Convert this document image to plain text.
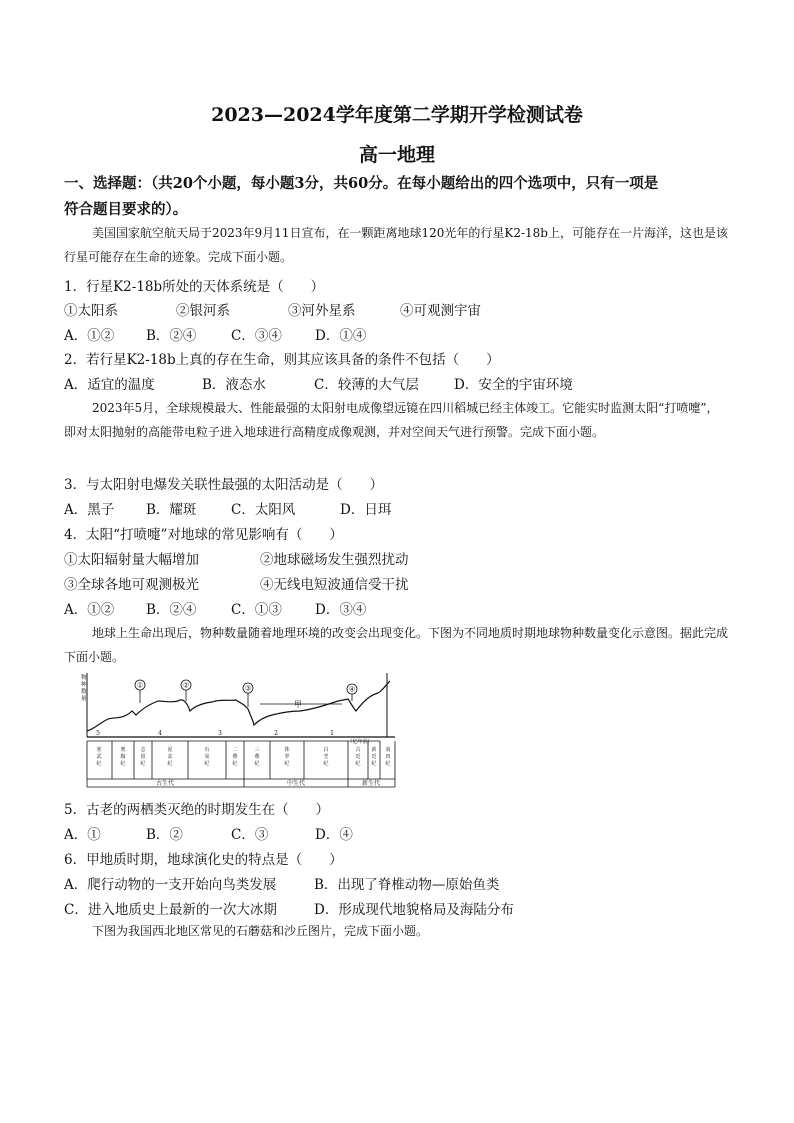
2023—2024学年度第二学期开学检测试卷
高一地理
一、选择题：（共20个小题，每小题3分，共60分。在每小题给出的四个选项中，只有一项是
符合题目要求的）。
美国国家航空航天局于2023年9月11日宣布，在一颗距离地球120光年的行星K2-18b上，可能存在一片海洋，这也是该行星可能存在生命的迹象。完成下面小题。
1．行星K2-18b所处的天体系统是（　　）
①太阳系	②银河系	③河外星系	④可观测宇宙
A．①② B．②④	C．③④ D．①④
2．若行星K2-18b上真的存在生命，则其应该具备的条件不包括（　　）
A．适宜的温度	B．液态水	C．较薄的大气层	D．安全的宇宙环境
2023年5月，全球规模最大、性能最强的太阳射电成像望远镜在四川稻城已经主体竣工。它能实时监测太阳“打喷嚏”，即对太阳抛射的高能带电粒子进入地球进行高精度成像观测，并对空间天气进行预警。完成下面小题。
3．与太阳射电爆发关联性最强的太阳活动是（　　）
A．黑子 B．耀斑	C．太阳风	D．日珥
4．太阳“打喷嚏”对地球的常见影响有（　　）
①太阳辐射量大幅增加	②地球磁场发生强烈扰动
③全球各地可观测极光	④无线电短波通信受干扰
A．①② B．②④	C．①③ D．③④
地球上生命出现后，物种数量随着地理环境的改变会出现变化。下图为不同地质时期地球物种数量变化示意图。据此完成下面小题。
物
种
数
量
①	②	③	④
甲
5	4	3	2	1
（亿年前）
寒
武
纪
奥
陶
纪
志
留
纪
泥
盆
纪
石
炭
纪
二
叠
纪
三
叠
纪
侏
罗
纪
白
垩
纪
古
近
纪
新
近
纪
第
四
纪
古生代	中生代	新生代
5．古老的两栖类灭绝的时期发生在（　　）
A．①	B．②	C．③	D．④
6．甲地质时期，地球演化史的特点是（　　）
A．爬行动物的一支开始向鸟类发展	B．出现了脊椎动物—原始鱼类
C．进入地质史上最新的一次大冰期	D．形成现代地貌格局及海陆分布
下图为我国西北地区常见的石蘑菇和沙丘图片，完成下面小题。
